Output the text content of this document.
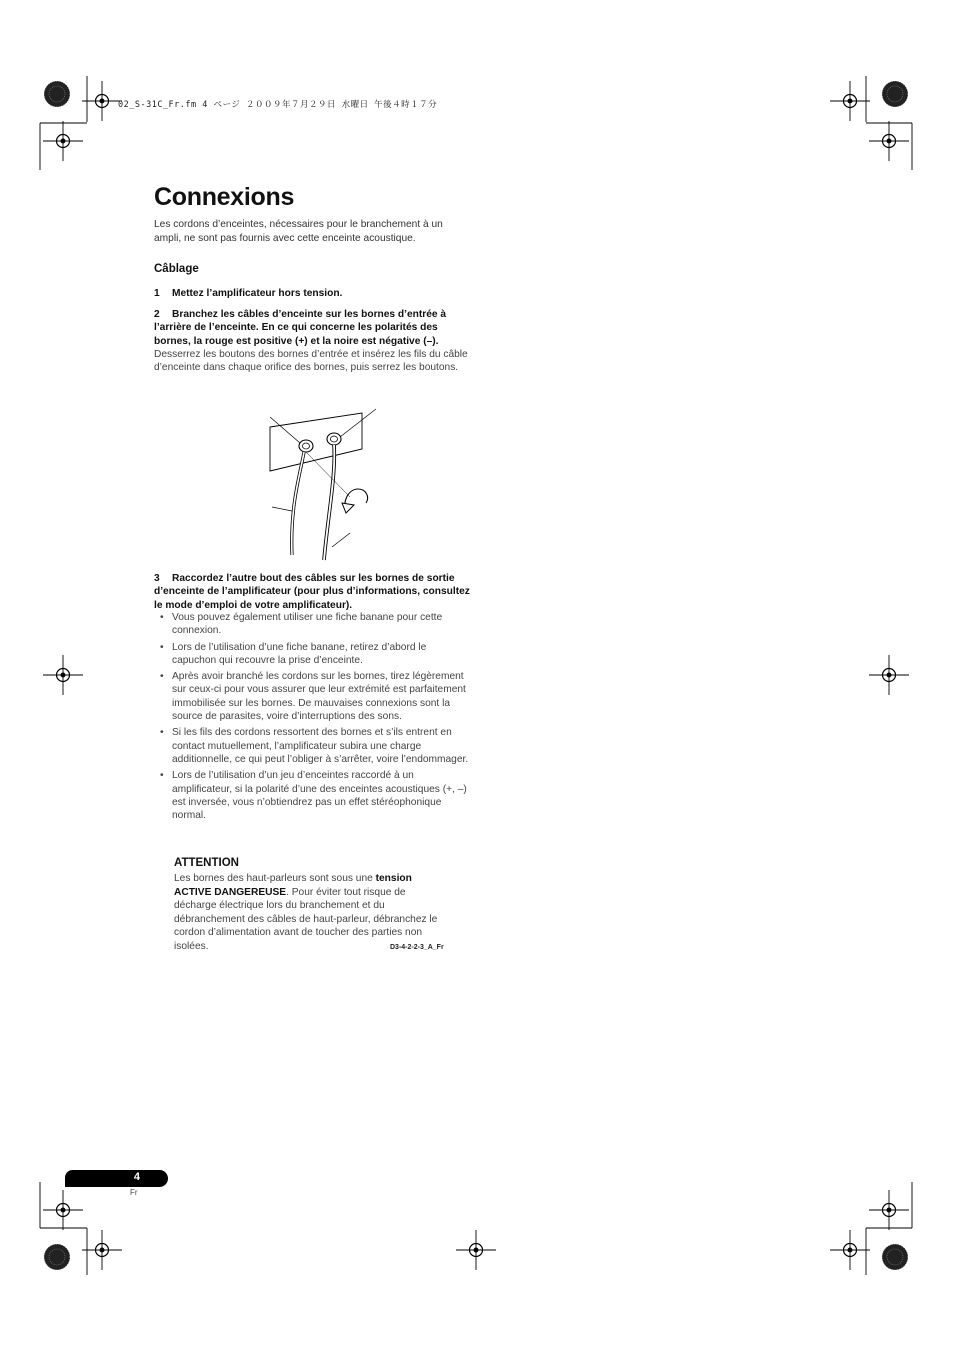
02_S-31C_Fr.fm 4 ページ ２００９年７月２９日 水曜日 午後４時１７分
Connexions

Les cordons d’enceintes, nécessaires pour le branchement à un ampli, ne sont pas fournis avec cette enceinte acoustique.

Câblage

1 Mettez l’amplificateur hors tension.

2 Branchez les câbles d’enceinte sur les bornes d’entrée à l’arrière de l’enceinte. En ce qui concerne les polarités des bornes, la rouge est positive (+) et la noire est négative (–).
Desserrez les boutons des bornes d’entrée et insérez les fils du câble d’enceinte dans chaque orifice des bornes, puis serrez les boutons.

3 Raccordez l’autre bout des câbles sur les bornes de sortie d’enceinte de l’amplificateur (pour plus d’informations, consultez le mode d’emploi de votre amplificateur).

• Vous pouvez également utiliser une fiche banane pour cette connexion.
• Lors de l’utilisation d’une fiche banane, retirez d’abord le capuchon qui recouvre la prise d’enceinte.
• Après avoir branché les cordons sur les bornes, tirez légèrement sur ceux-ci pour vous assurer que leur extrémité est parfaitement immobilisée sur les bornes. De mauvaises connexions sont la source de parasites, voire d’interruptions des sons.
• Si les fils des cordons ressortent des bornes et s’ils entrent en contact mutuellement, l’amplificateur subira une charge additionnelle, ce qui peut l’obliger à s’arrêter, voire l’endommager.
• Lors de l’utilisation d’un jeu d’enceintes raccordé à un amplificateur, si la polarité d’une des enceintes acoustiques (+, –) est inversée, vous n’obtiendrez pas un effet stéréophonique normal.

ATTENTION

Les bornes des haut-parleurs sont sous une tension ACTIVE DANGEREUSE. Pour éviter tout risque de décharge électrique lors du branchement et du débranchement des câbles de haut-parleur, débranchez le cordon d’alimentation avant de toucher des parties non isolées.	D3-4-2-2-3_A_Fr
4
Fr
